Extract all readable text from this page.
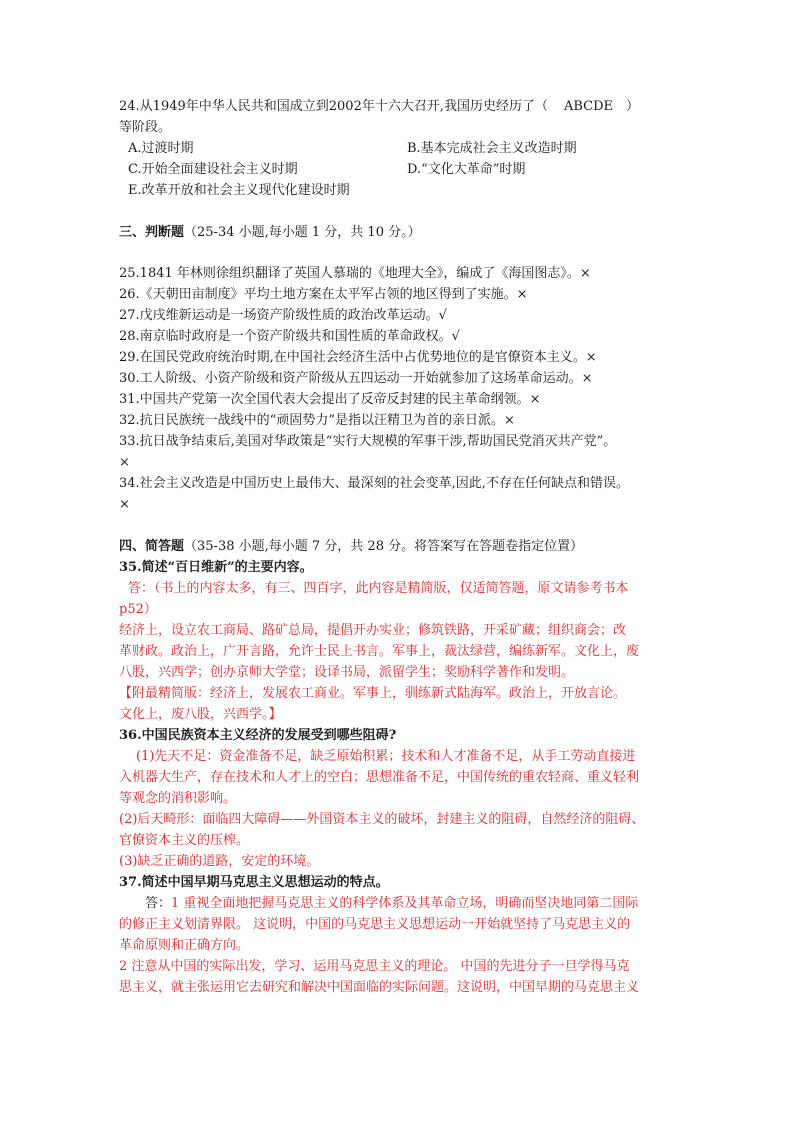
24.从1949年中华人民共和国成立到2002年十六大召开,我国历史经历了（ ABCDE ）
等阶段。
A.过渡时期	B.基本完成社会主义改造时期
C.开始全面建设社会主义时期	D.“文化大革命”时期
E.改革开放和社会主义现代化建设时期
三、判断题（25-34 小题,每小题 1 分，共 10 分。）
25.1841 年林则徐组织翻译了英国人慕瑞的《地理大全》，编成了《海国图志》。×
26.《天朝田亩制度》平均土地方案在太平军占领的地区得到了实施。×
27.戊戌维新运动是一场资产阶级性质的政治改革运动。√
28.南京临时政府是一个资产阶级共和国性质的革命政权。√
29.在国民党政府统治时期,在中国社会经济生活中占优势地位的是官僚资本主义。×
30.工人阶级、小资产阶级和资产阶级从五四运动一开始就参加了这场革命运动。×
31.中国共产党第一次全国代表大会提出了反帝反封建的民主革命纲领。×
32.抗日民族统一战线中的“顽固势力”是指以汪精卫为首的亲日派。×
33.抗日战争结束后,美国对华政策是“实行大规模的军事干涉,帮助国民党消灭共产党”。
×
34.社会主义改造是中国历史上最伟大、最深刻的社会变革,因此,不存在任何缺点和错误。
×
四、简答题（35-38 小题,每小题 7 分，共 28 分。将答案写在答题卷指定位置）
35.简述“百日维新”的主要内容。
答：（书上的内容太多，有三、四百字，此内容是精简版，仅适简答题，原文请参考书本
p52）
经济上，设立农工商局、路矿总局，提倡开办实业；修筑铁路，开采矿藏；组织商会；改
革财政。政治上，广开言路，允许士民上书言。军事上，裁汰绿营，编练新军。文化上，废
八股，兴西学；创办京师大学堂；设译书局，派留学生；奖励科学著作和发明。
【附最精简版：经济上，发展农工商业。军事上，驯练新式陆海军。政治上，开放言论。
文化上，废八股，兴西学。】
36.中国民族资本主义经济的发展受到哪些阻碍?
(1)先天不足：资金准备不足，缺乏原始积累；技术和人才准备不足，从手工劳动直接进
入机器大生产，存在技术和人才上的空白；思想准备不足，中国传统的重农轻商、重义轻利
等观念的消积影响。
(2)后天畸形：面临四大障碍——外国资本主义的破坏，封建主义的阻碍，自然经济的阻碍、
官僚资本主义的压榨。
(3)缺乏正确的道路，安定的环境。
37.简述中国早期马克思主义思想运动的特点。
答：1 重视全面地把握马克思主义的科学体系及其革命立场，明确而坚决地同第二国际
的修正主义划清界限。 这说明，中国的马克思主义思想运动一开始就坚持了马克思主义的
革命原则和正确方向。
2 注意从中国的实际出发，学习、运用马克思主义的理论。 中国的先进分子一旦学得马克
思主义，就主张运用它去研究和解决中国面临的实际问题。这说明，中国早期的马克思主义
